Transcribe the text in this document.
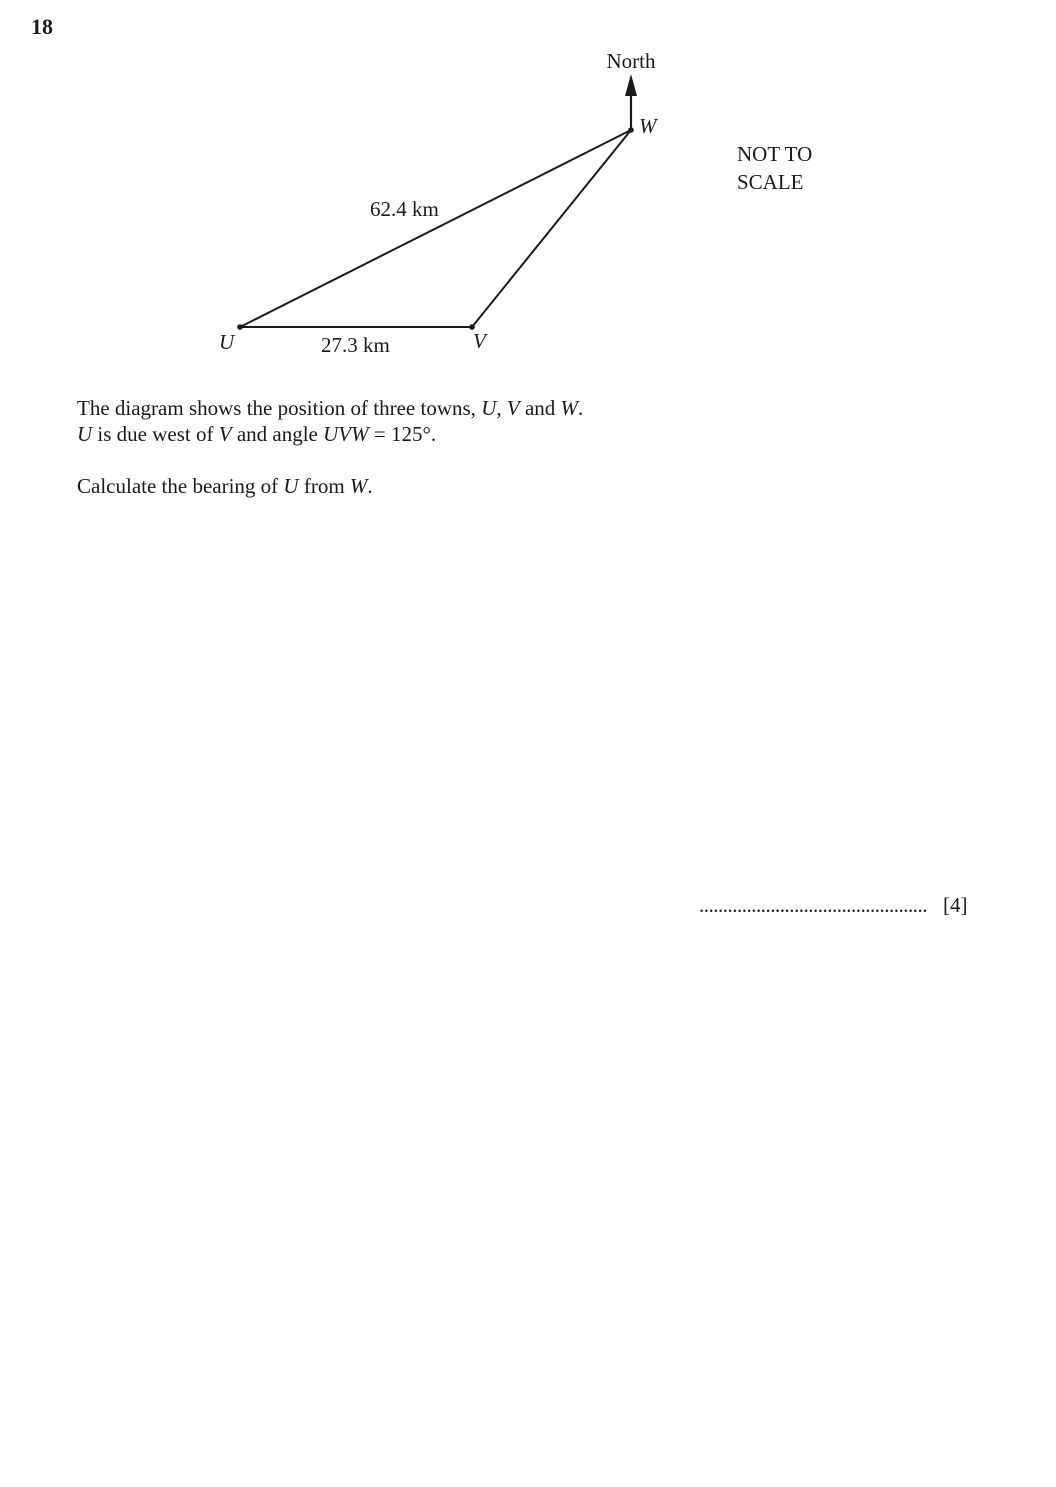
18
North
U	V
W
62.4 km
27.3 km
NOT TO
SCALE

The diagram shows the position of three towns, U, V and W.
U is due west of V and angle UVW = 125°.

Calculate the bearing of U from W.

................................................ [4]
